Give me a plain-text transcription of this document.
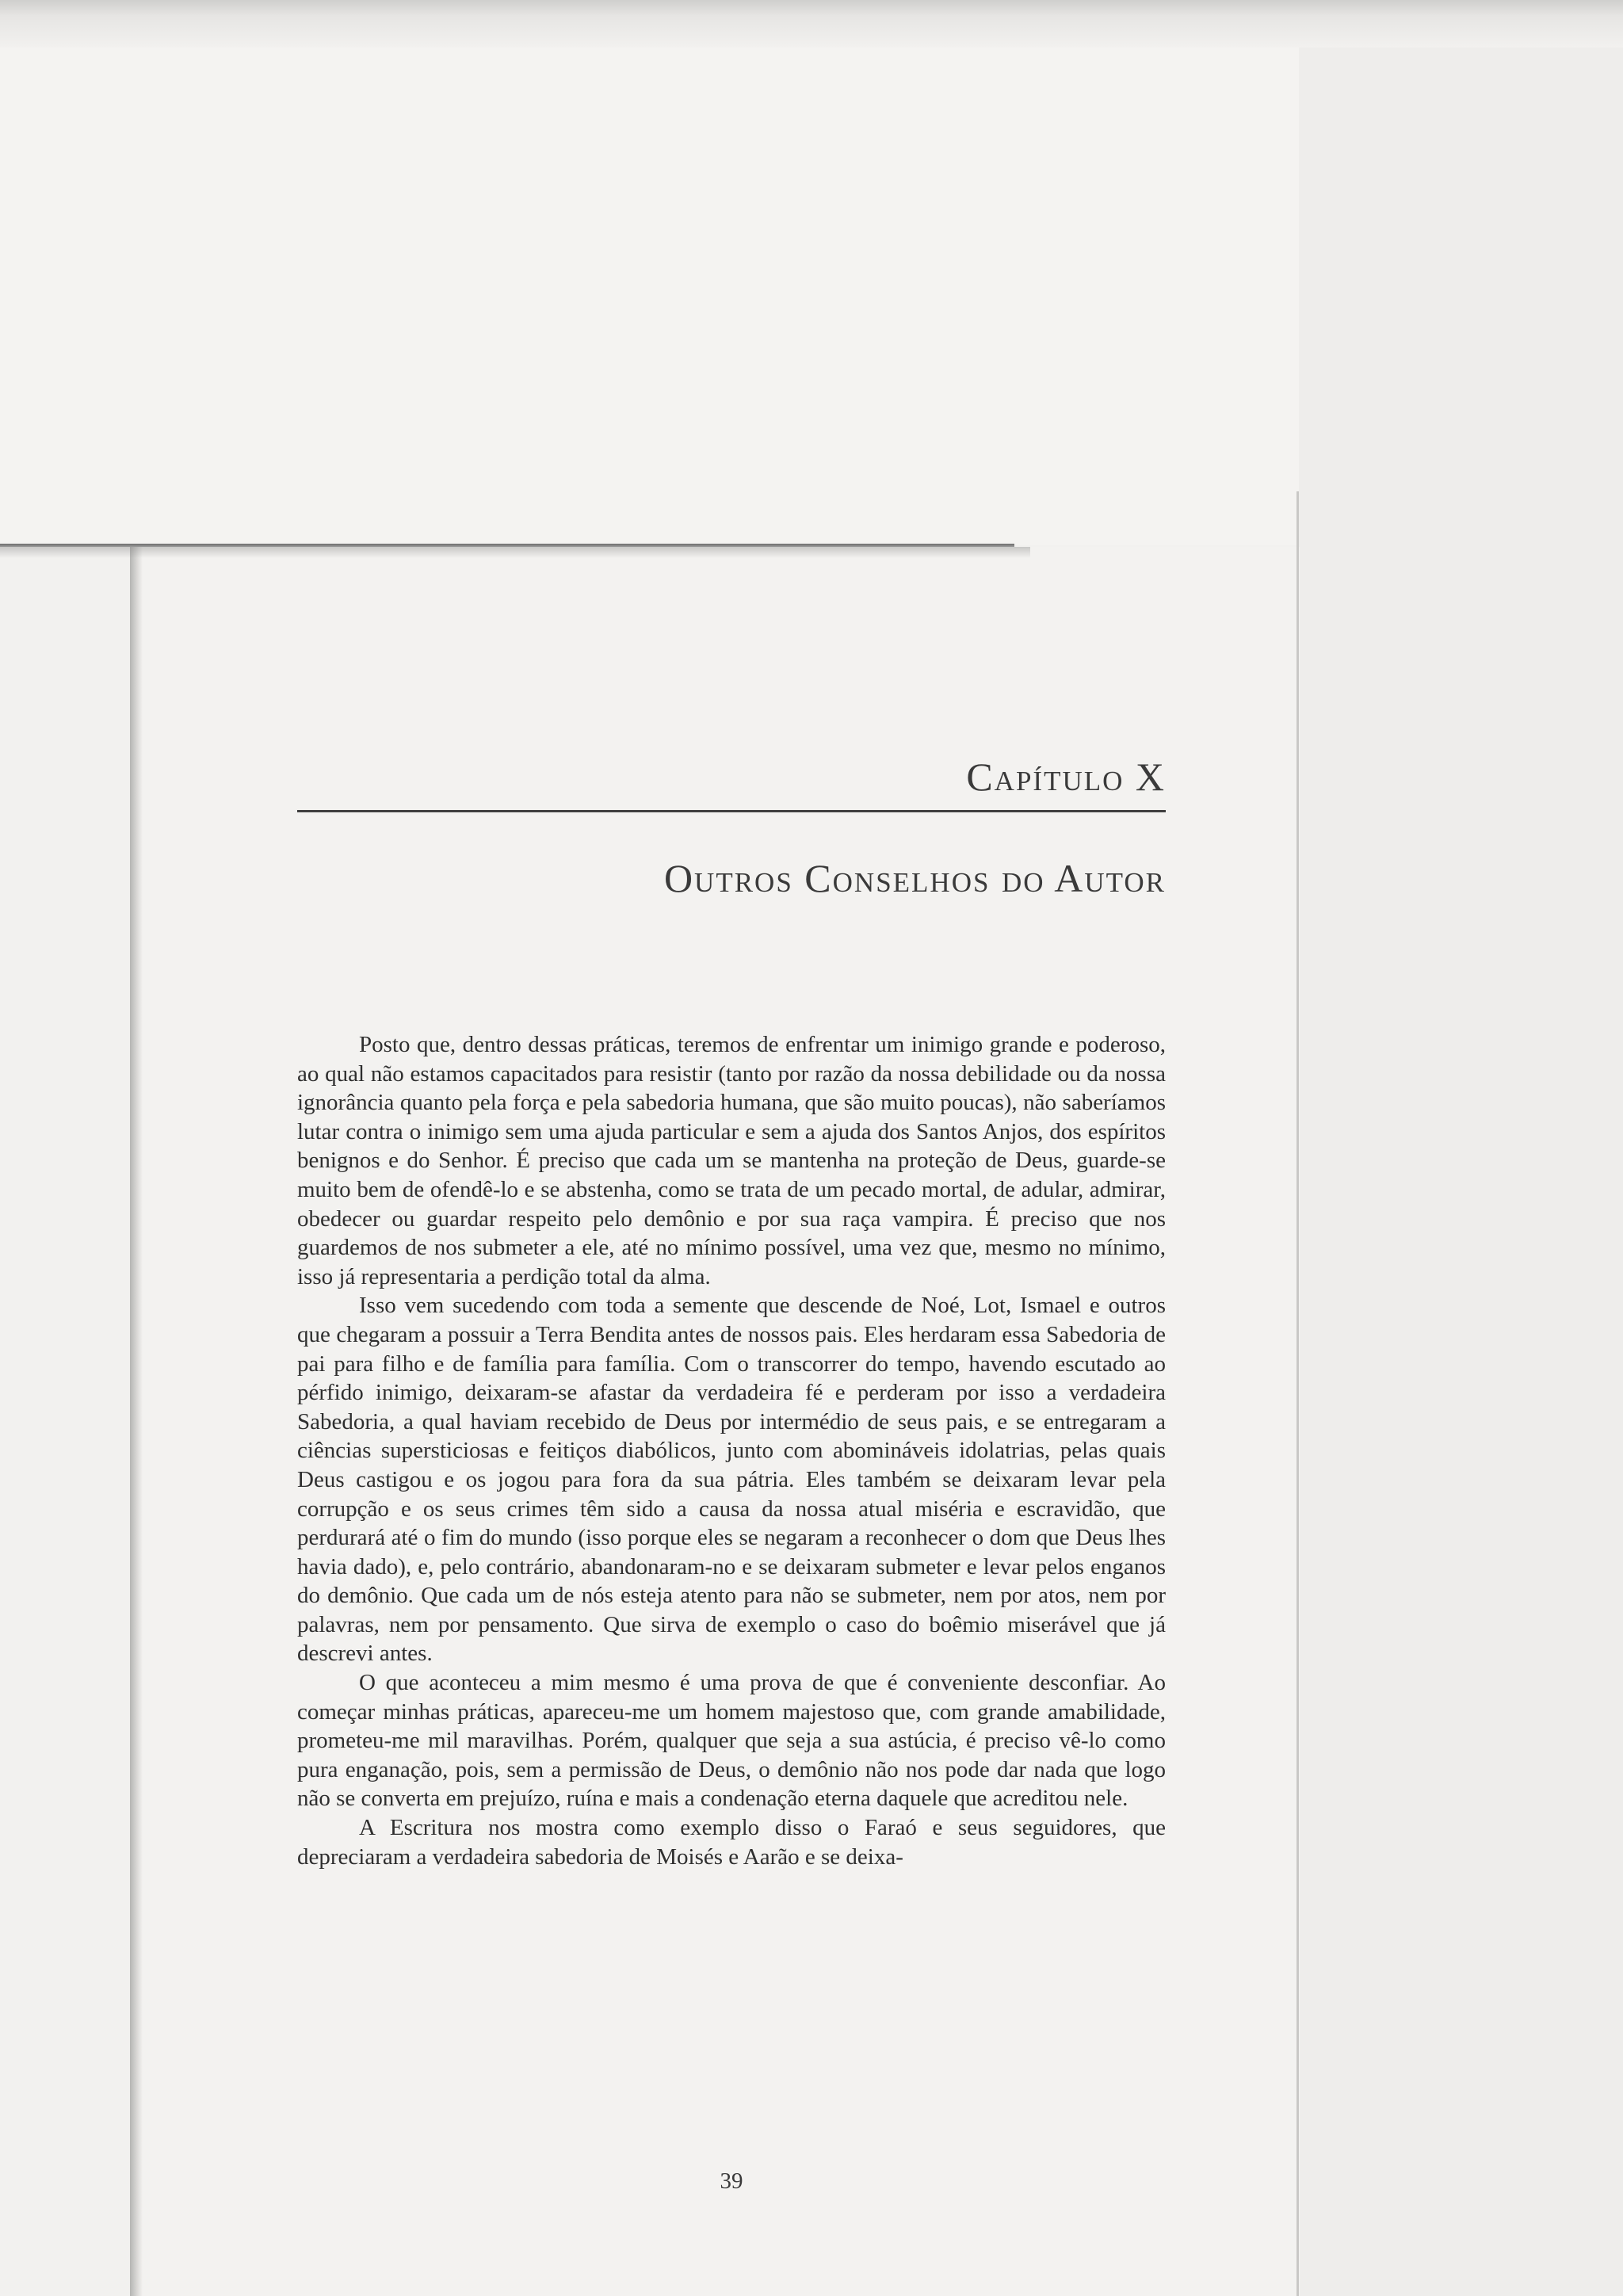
Capítulo X
Outros Conselhos do Autor

Posto que, dentro dessas práticas, teremos de enfrentar um inimigo grande e poderoso, ao qual não estamos capacitados para resistir (tanto por razão da nossa debilidade ou da nossa ignorância quanto pela força e pela sabedoria humana, que são muito poucas), não saberíamos lutar contra o inimigo sem uma ajuda particular e sem a ajuda dos Santos Anjos, dos espíritos benignos e do Senhor. É preciso que cada um se mantenha na proteção de Deus, guarde-se muito bem de ofendê-lo e se abstenha, como se trata de um pecado mortal, de adular, admirar, obedecer ou guardar respeito pelo demônio e por sua raça vampira. É preciso que nos guardemos de nos submeter a ele, até no mínimo possível, uma vez que, mesmo no mínimo, isso já representaria a perdição total da alma.

Isso vem sucedendo com toda a semente que descende de Noé, Lot, Ismael e outros que chegaram a possuir a Terra Bendita antes de nossos pais. Eles herdaram essa Sabedoria de pai para filho e de família para família. Com o transcorrer do tempo, havendo escutado ao pérfido inimigo, deixaram-se afastar da verdadeira fé e perderam por isso a verdadeira Sabedoria, a qual haviam recebido de Deus por intermédio de seus pais, e se entregaram a ciências supersticiosas e feitiços diabólicos, junto com abomináveis idolatrias, pelas quais Deus castigou e os jogou para fora da sua pátria. Eles também se deixaram levar pela corrupção e os seus crimes têm sido a causa da nossa atual miséria e escravidão, que perdurará até o fim do mundo (isso porque eles se negaram a reconhecer o dom que Deus lhes havia dado), e, pelo contrário, abandonaram-no e se deixaram submeter e levar pelos enganos do demônio. Que cada um de nós esteja atento para não se submeter, nem por atos, nem por palavras, nem por pensamento. Que sirva de exemplo o caso do boêmio miserável que já descrevi antes.

O que aconteceu a mim mesmo é uma prova de que é conveniente desconfiar. Ao começar minhas práticas, apareceu-me um homem majestoso que, com grande amabilidade, prometeu-me mil maravilhas. Porém, qualquer que seja a sua astúcia, é preciso vê-lo como pura enganação, pois, sem a permissão de Deus, o demônio não nos pode dar nada que logo não se converta em prejuízo, ruína e mais a condenação eterna daquele que acreditou nele.

A Escritura nos mostra como exemplo disso o Faraó e seus seguidores, que depreciaram a verdadeira sabedoria de Moisés e Aarão e se deixa-

39
